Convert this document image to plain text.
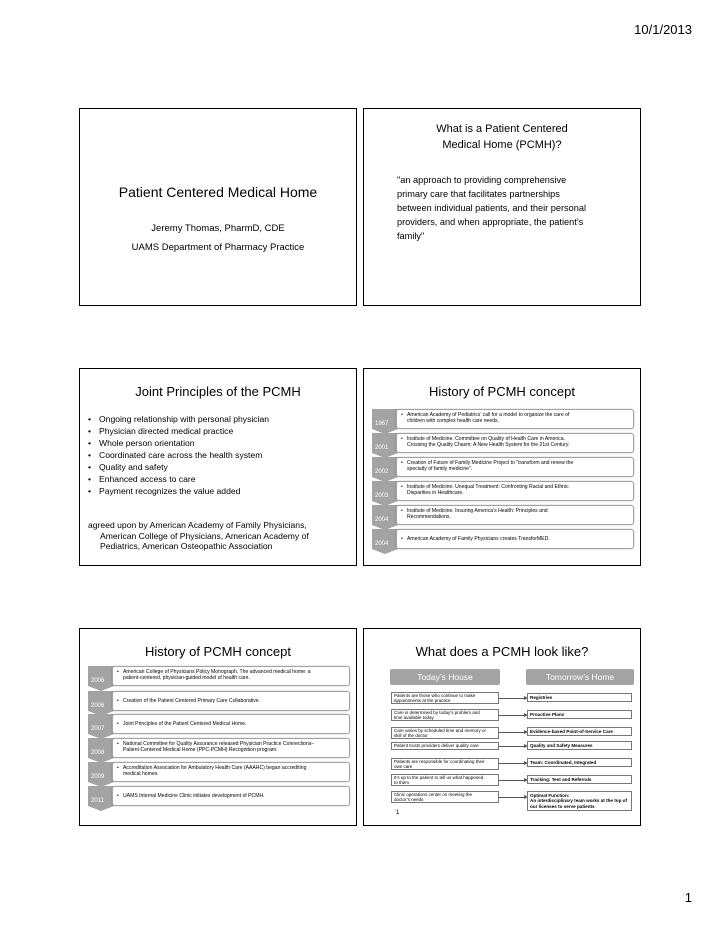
10/1/2013
Patient Centered Medical Home
Jeremy Thomas, PharmD, CDE
UAMS Department of Pharmacy Practice
What is a Patient Centered
Medical Home (PCMH)?
"an approach to providing comprehensive
primary care that facilitates partnerships
between individual patients, and their personal
providers, and when appropriate, the patient’s
family"
Joint Principles of the PCMH
• Ongoing relationship with personal physician
• Physician directed medical practice
• Whole person orientation
• Coordinated care across the health system
• Quality and safety
• Enhanced access to care
• Payment recognizes the value added
agreed upon by American Academy of Family Physicians,
American College of Physicians, American Academy of
Pediatrics, American Osteopathic Association
History of PCMH concept
1967
• American Academy of Pediatrics’ call for a model to organize the care of
children with complex health care needs.
2001
• Institute of Medicine. Committee on Quality of Health Care in America.
Crossing the Quality Chasm: A New Health System for the 21st Century.
2002
• Creation of Future of Family Medicine Project to "transform and renew the
specialty of family medicine".
2003
• Institute of Medicine. Unequal Treatment: Confronting Racial and Ethnic
Disparities in Healthcare.
2004
• Institute of Medicine. Insuring America’s Health: Principles and
Recommendations.
2004
• American Academy of Family Physicians creates TransforMED.
History of PCMH concept
2006
• American College of Physicians Policy Monograph. The advanced medical home: a
patient-centered, physician-guided model of health care.
2006
• Creation of the Patient Centered Primary Care Collaborative.
2007
• Joint Principles of the Patient Centered Medical Home.
2008
• National Committee for Quality Assurance released Physician Practice Connections–
Patient-Centered Medical Home (PPC-PCMH) Recognition program.
2009
• Accreditation Association for Ambulatory Health Care (AAAHC) began accrediting
medical homes.
2011
• UAMS Internal Medicine Clinic initiates development of PCMH.
What does a PCMH look like?
Today’s House	Tomorrow’s Home
Patients are those who continue to make
appointments at the practice
Care is determined by today’s problem and
time available today
Care varies by scheduled time and memory or
skill of the doctor
Patient trusts providers deliver quality care
Patients are responsible for coordinating their
own care
It’s up to the patient to tell us what happened
to them
Clinic operations center on meeting the
doctor’s needs
Registries
Proactive Plans
Evidence-based Point-of-Service Care
Quality and Safety Measures
Team: Coordinated, Integrated
Tracking: Test and Referrals
Optimal Function:
An interdisciplinary team works at the top of
our licenses to serve patients
1
1
